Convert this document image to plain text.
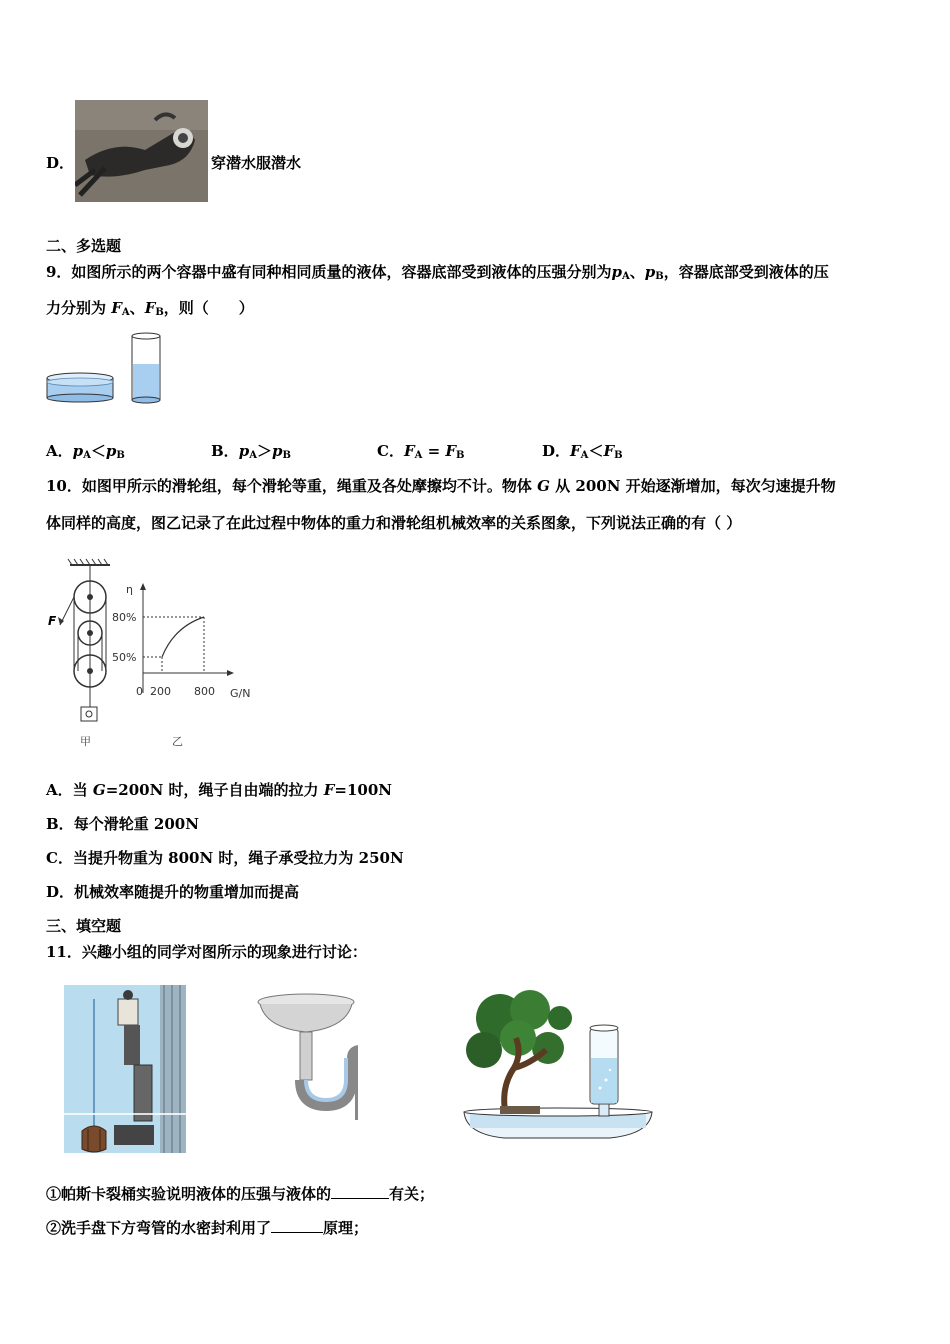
D．	穿潜水服潜水
二、多选题
9．如图所示的两个容器中盛有同种相同质量的液体，容器底部受到液体的压强分别为$p_A$、$p_B$，容器底部受到液体的压
力分别为 $F_A$、$F_B$，则（　　）
A．$p_A<p_B$	B．$p_A>p_B$	C．$F_A = F_B$	D．$F_A<F_B$
10．如图甲所示的滑轮组，每个滑轮等重，绳重及各处摩擦均不计。物体 G 从 200N 开始逐渐增加，每次匀速提升物
体同样的高度，图乙记录了在此过程中物体的重力和滑轮组机械效率的关系图象，下列说法正确的有（ ）
F
甲
η
G/N
80%
50%
0 200 800
乙
A．当 G=200N 时，绳子自由端的拉力 F=100N
B．每个滑轮重 200N
C．当提升物重为 800N 时，绳子承受拉力为 250N
D．机械效率随提升的物重增加而提高
三、填空题
11．兴趣小组的同学对图所示的现象进行讨论：
①帕斯卡裂桶实验说明液体的压强与液体的	有关；
②洗手盘下方弯管的水密封利用了	原理；
